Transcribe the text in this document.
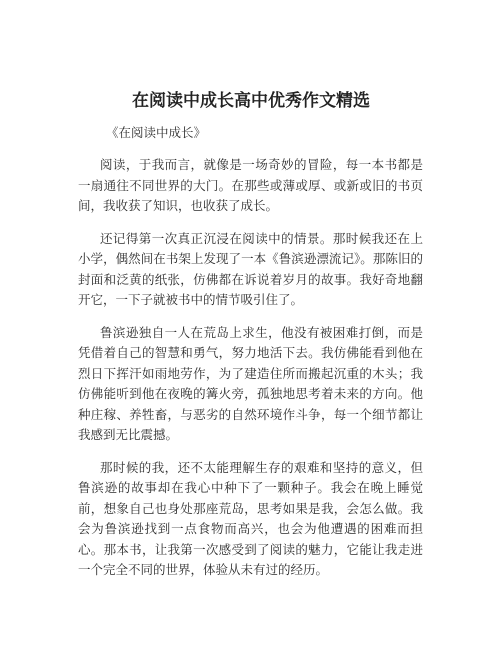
在阅读中成长高中优秀作文精选

《在阅读中成长》

阅读，于我而言，就像是一场奇妙的冒险，每一本书都是一扇通往不同世界的大门。在那些或薄或厚、或新或旧的书页间，我收获了知识，也收获了成长。

还记得第一次真正沉浸在阅读中的情景。那时候我还在上小学，偶然间在书架上发现了一本《鲁滨逊漂流记》。那陈旧的封面和泛黄的纸张，仿佛都在诉说着岁月的故事。我好奇地翻开它，一下子就被书中的情节吸引住了。

鲁滨逊独自一人在荒岛上求生，他没有被困难打倒，而是凭借着自己的智慧和勇气，努力地活下去。我仿佛能看到他在烈日下挥汗如雨地劳作，为了建造住所而搬起沉重的木头；我仿佛能听到他在夜晚的篝火旁，孤独地思考着未来的方向。他种庄稼、养牲畜，与恶劣的自然环境作斗争，每一个细节都让我感到无比震撼。

那时候的我，还不太能理解生存的艰难和坚持的意义，但鲁滨逊的故事却在我心中种下了一颗种子。我会在晚上睡觉前，想象自己也身处那座荒岛，思考如果是我，会怎么做。我会为鲁滨逊找到一点食物而高兴，也会为他遭遇的困难而担心。那本书，让我第一次感受到了阅读的魅力，它能让我走进一个完全不同的世界，体验从未有过的经历。
